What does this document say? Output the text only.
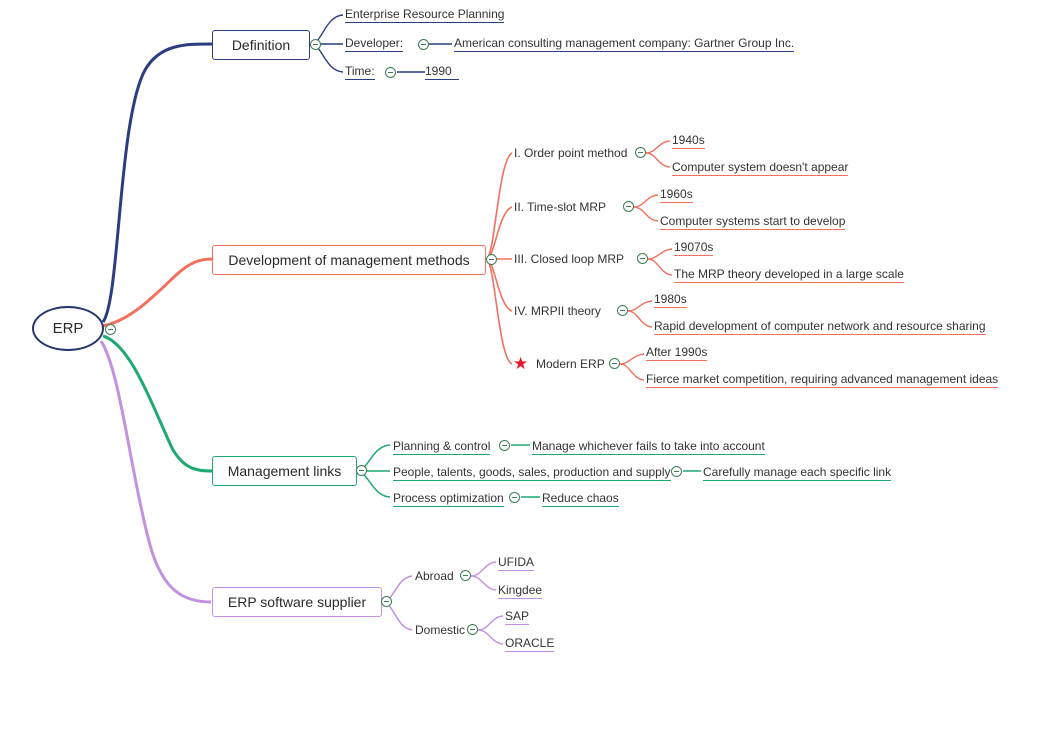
ERP
Definition
Enterprise Resource Planning
Developer:	American consulting management company: Gartner Group Inc.
Time:	1990
Development of management methods
I. Order point method
1940s
Computer system doesn't appear
II. Time-slot MRP
1960s
Computer systems start to develop
III. Closed loop MRP
19070s
The MRP theory developed in a large scale
IV. MRPII theory
1980s
Rapid development of computer network and resource sharing
★ Modern ERP
After 1990s
Fierce market competition, requiring advanced management ideas
Management links
Planning & control	Manage whichever fails to take into account
People, talents, goods, sales, production and supply	Carefully manage each specific link
Process optimization	Reduce chaos
ERP software supplier
Abroad
UFIDA
Kingdee
Domestic
SAP
ORACLE
